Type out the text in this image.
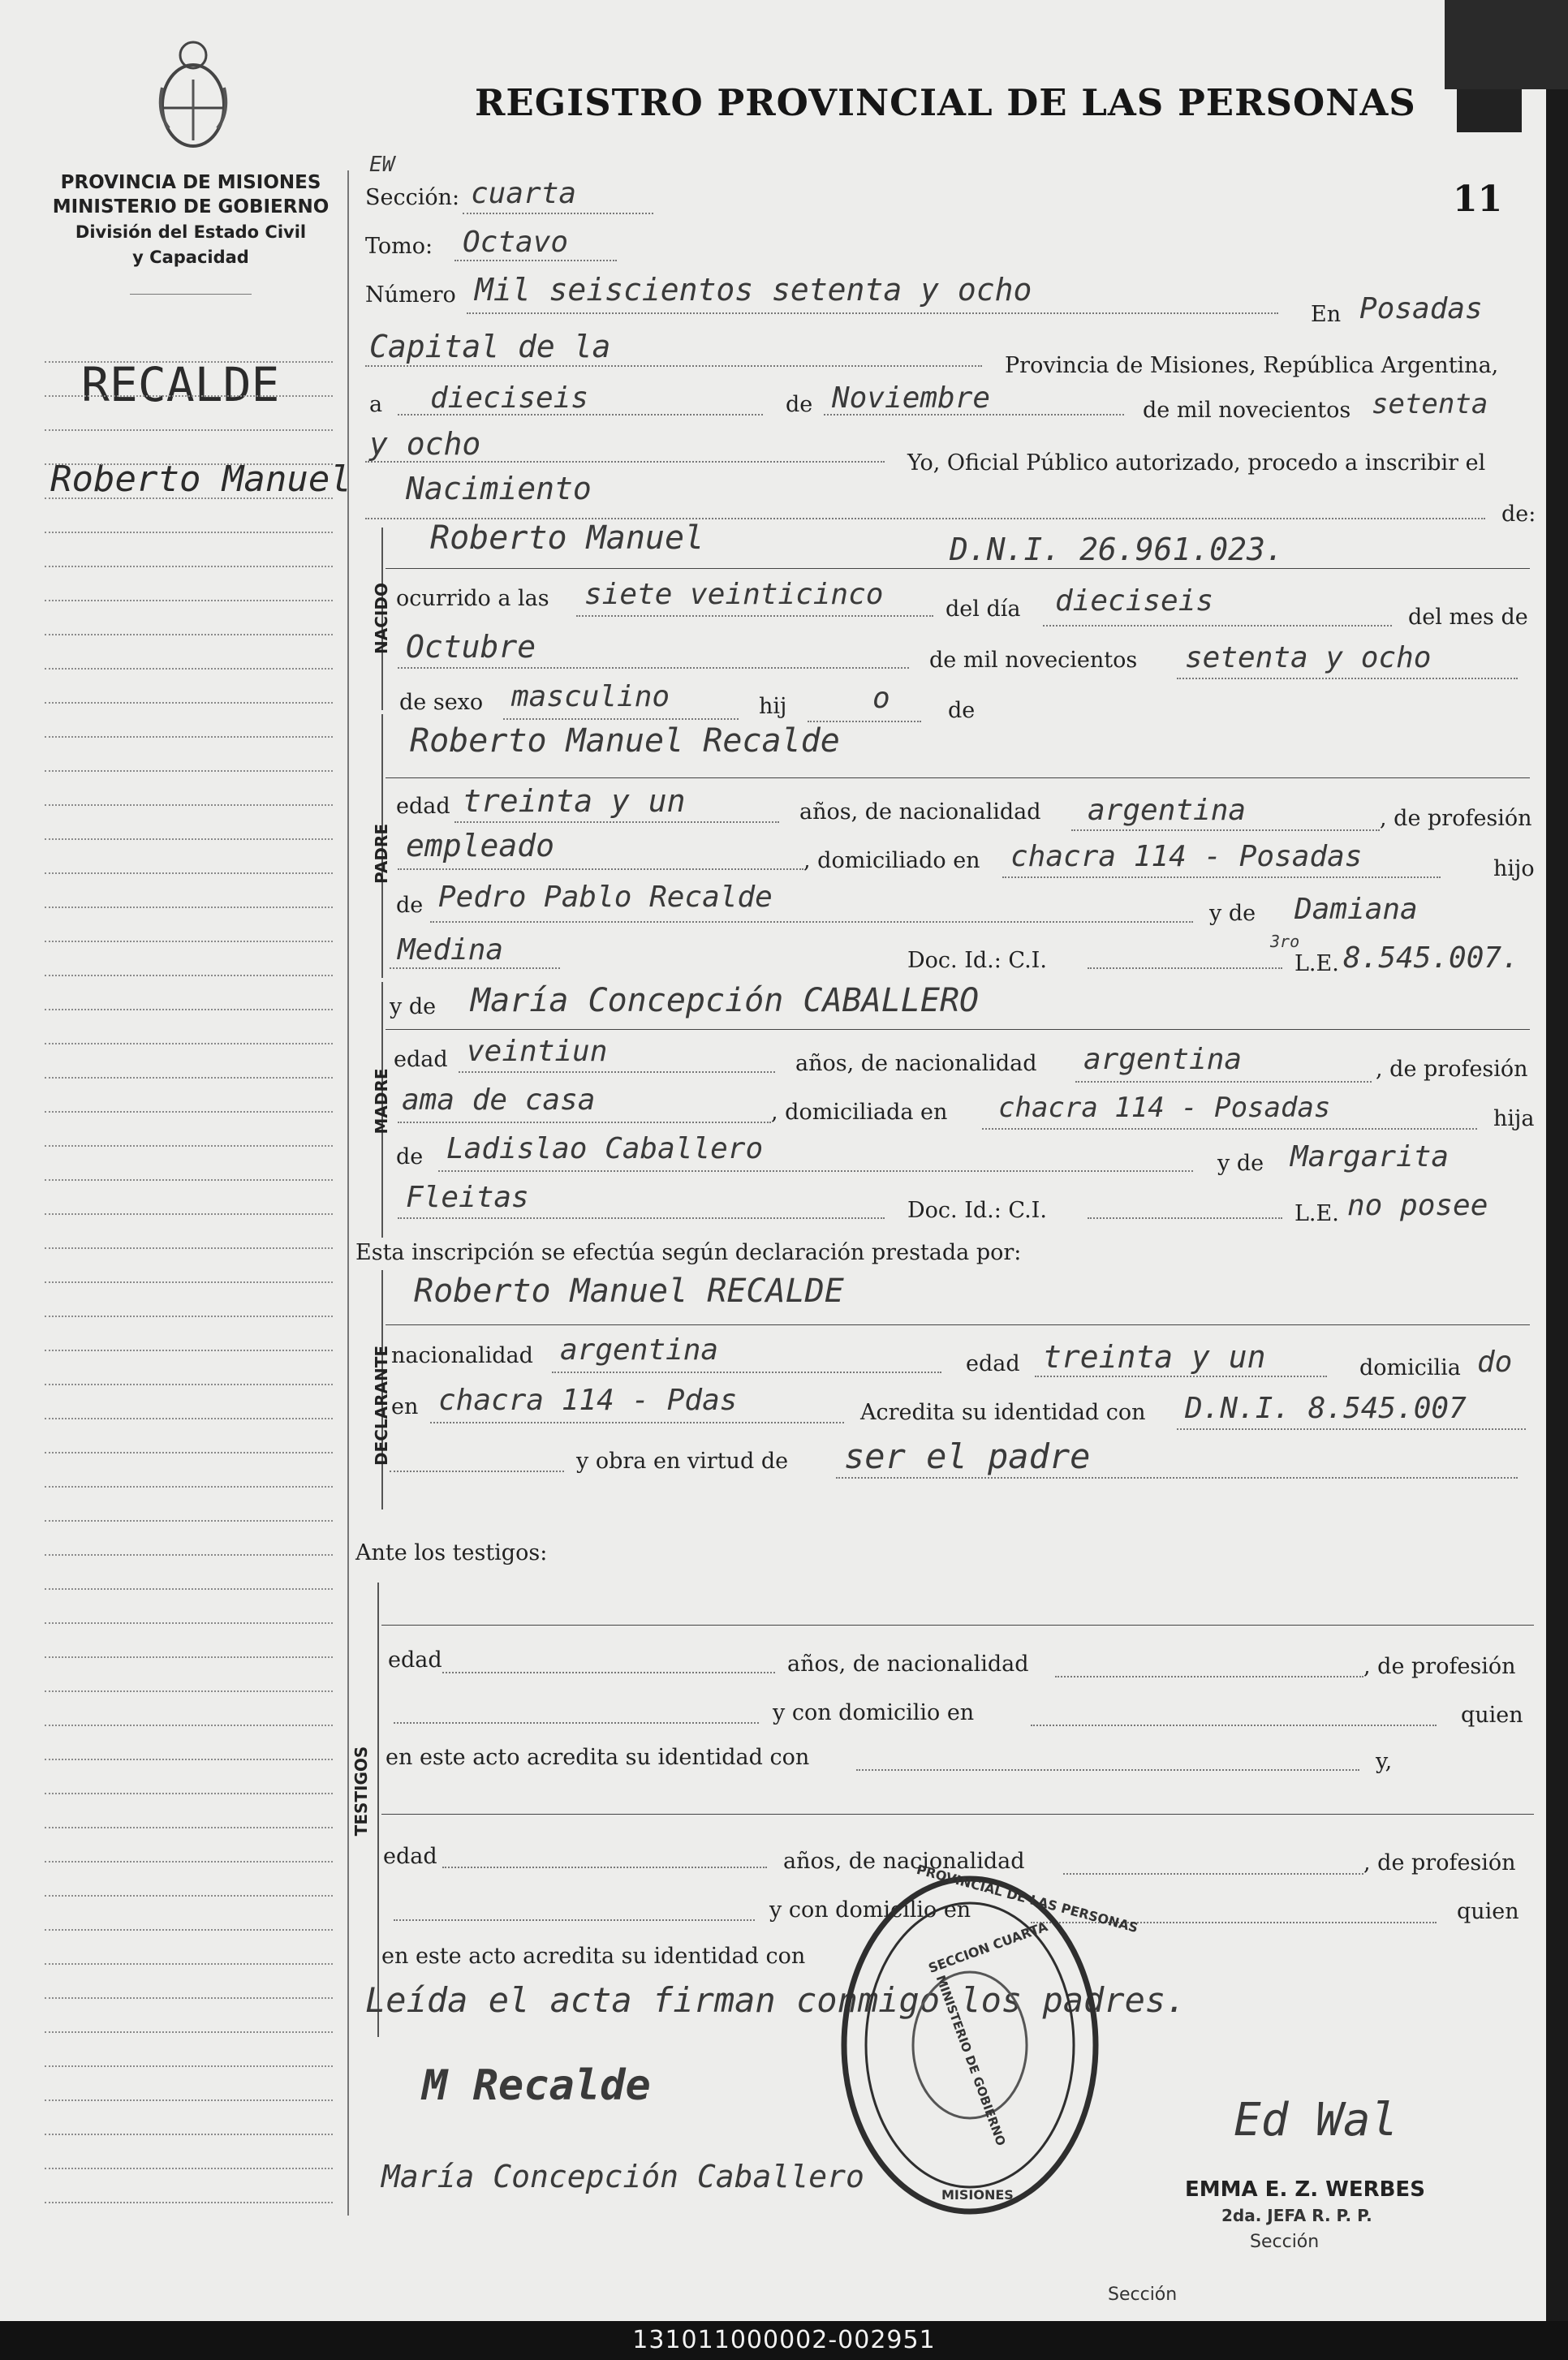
REGISTRO PROVINCIAL DE LAS PERSONAS
11
PROVINCIA DE MISIONES
MINISTERIO DE GOBIERNO
División del Estado Civil
y Capacidad
RECALDE
Roberto Manuel
EW
Sección: cuarta
Tomo: Octavo
Número Mil seiscientos setenta y ocho
En Posadas
Capital de la
Provincia de Misiones, República Argentina,
a dieciseis	de Noviembre	de mil novecientos setenta
y ocho
Yo, Oficial Público autorizado, procedo a inscribir el
Nacimiento
de:
NACIDO
Roberto Manuel	D.N.I. 26.961.023.
ocurrido a las siete veinticinco	del día dieciseis	del mes de
Octubre	de mil novecientos setenta y ocho
de sexo masculino	hij	o	de
PADRE
Roberto Manuel Recalde
edad treinta y un	años, de nacionalidad argentina	, de profesión
empleado	, domiciliado en chacra 114 - Posadas	hijo
de Pedro Pablo Recalde	y de Damiana
Medina	Doc. Id.: C.I.
3ro
L.E. 8.545.007.
MADRE
y de María Concepción CABALLERO
edad veintiun	años, de nacionalidad argentina	, de profesión
ama de casa	, domiciliada en chacra 114 - Posadas	hija
de Ladislao Caballero	y de Margarita
Fleitas	Doc. Id.: C.I.	L.E. no posee
Esta inscripción se efectúa según declaración prestada por:
DECLARANTE
Roberto Manuel RECALDE
nacionalidad argentina	edad treinta y un	domicilia do
en chacra 114 - Pdas	Acredita su identidad con D.N.I. 8.545.007
y obra en virtud de ser el padre
Ante los testigos:
TESTIGOS
edad	años, de nacionalidad	, de profesión
y con domicilio en	quien
en este acto acredita su identidad con	y,
edad	años, de nacionalidad	, de profesión
y con domicilio en	quien
en este acto acredita su identidad con
Leída el acta firman conmigo los padres.
M Recalde
María Concepción Caballero
Ed Wal
PROVINCIAL DE LAS PERSONAS
SECCION CUARTA
MINISTERIO DE GOBIERNO
MISIONES	EMMA E. Z. WERBES
2da. JEFA R. P. P.
Sección
Sección
131011000002-002951
